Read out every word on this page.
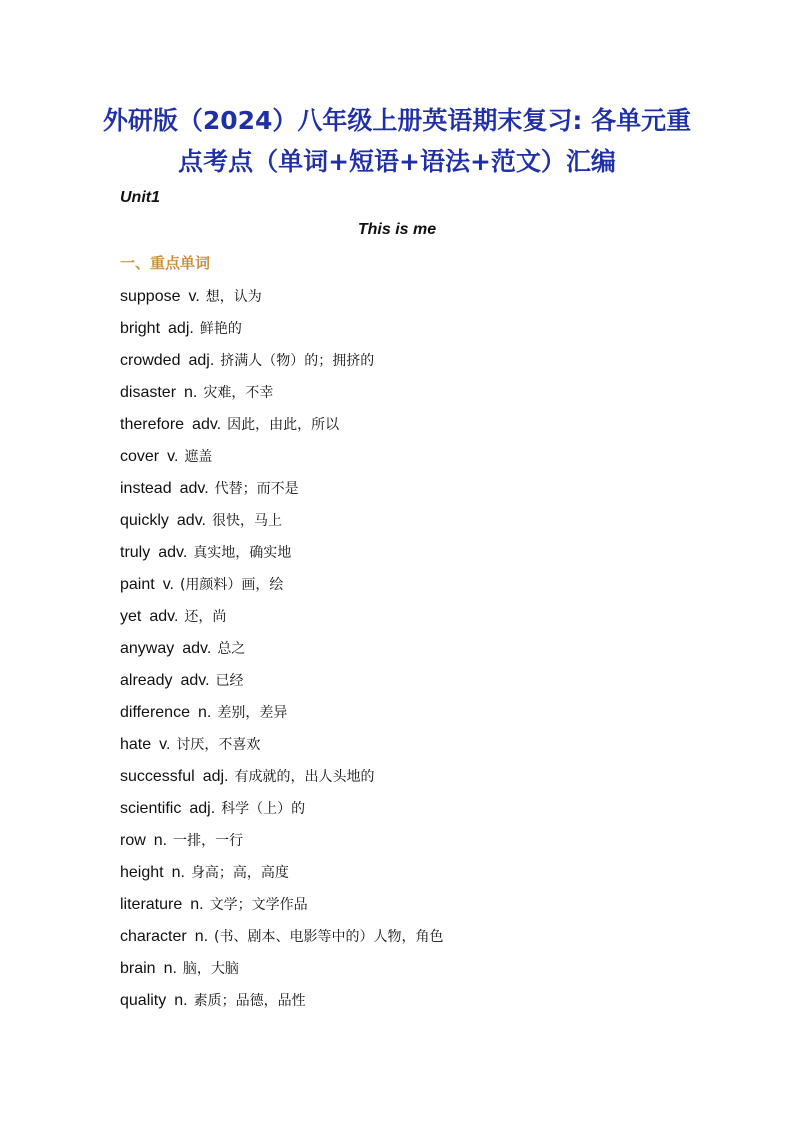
外研版（2024）八年级上册英语期末复习: 各单元重
点考点（单词+短语+语法+范文）汇编
Unit1
This is me
一、重点单词
suppose v. 想，认为
bright adj. 鲜艳的
crowded adj. 挤满人（物）的；拥挤的
disaster n. 灾难，不幸
therefore adv. 因此，由此，所以
cover v. 遮盖
instead adv. 代替；而不是
quickly adv. 很快，马上
truly adv. 真实地，确实地
paint v. (用颜料）画，绘
yet adv. 还，尚
anyway adv. 总之
already adv. 已经
difference n. 差别，差异
hate v. 讨厌，不喜欢
successful adj. 有成就的，出人头地的
scientific adj. 科学（上）的
row n. 一排，一行
height n. 身高；高，高度
literature n. 文学；文学作品
character n. (书、剧本、电影等中的）人物，角色
brain n. 脑，大脑
quality n. 素质；品德，品性
